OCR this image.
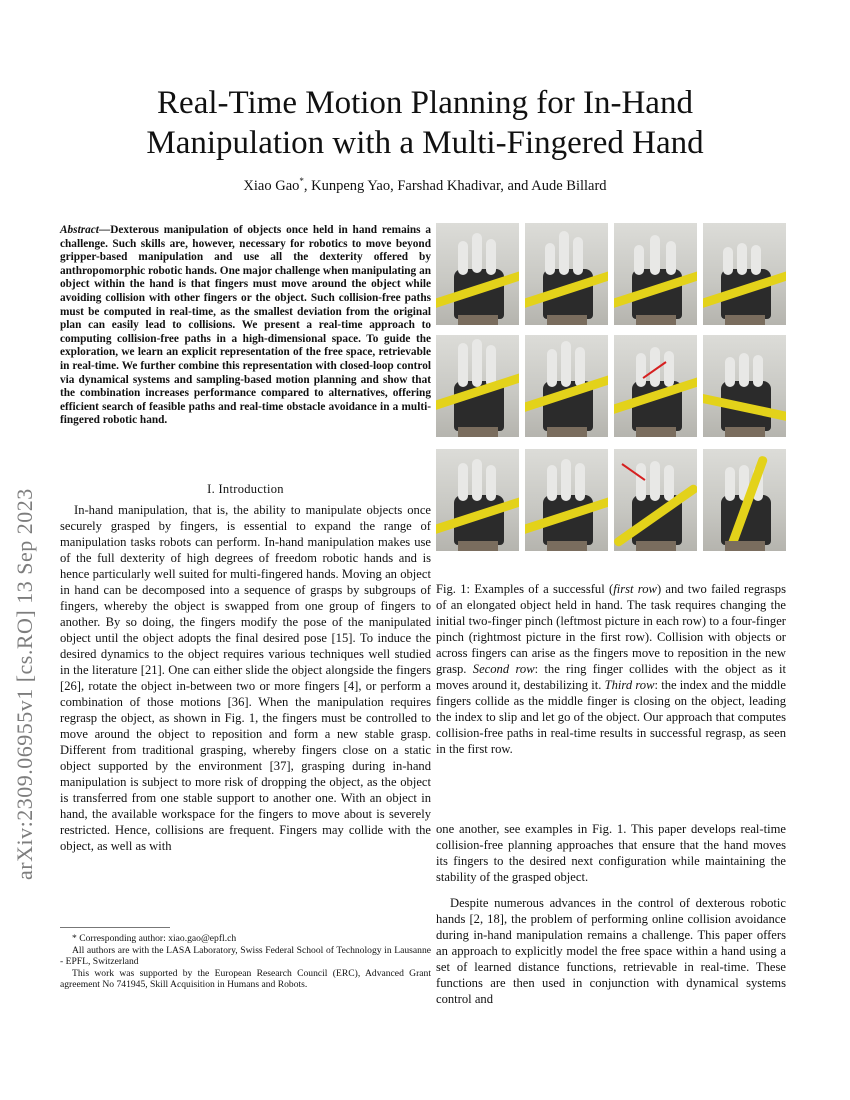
arXiv:2309.06955v1 [cs.RO] 13 Sep 2023
Real-Time Motion Planning for In-Hand Manipulation with a Multi-Fingered Hand
Xiao Gao*, Kunpeng Yao, Farshad Khadivar, and Aude Billard
Abstract—Dexterous manipulation of objects once held in hand remains a challenge. Such skills are, however, necessary for robotics to move beyond gripper-based manipulation and use all the dexterity offered by anthropomorphic robotic hands. One major challenge when manipulating an object within the hand is that fingers must move around the object while avoiding collision with other fingers or the object. Such collision-free paths must be computed in real-time, as the smallest deviation from the original plan can easily lead to collisions. We present a real-time approach to computing collision-free paths in a high-dimensional space. To guide the exploration, we learn an explicit representation of the free space, retrievable in real-time. We further combine this representation with closed-loop control via dynamical systems and sampling-based motion planning and show that the combination increases performance compared to alternatives, offering efficient search of feasible paths and real-time obstacle avoidance in a multi-fingered robotic hand.
I. Introduction

In-hand manipulation, that is, the ability to manipulate objects once securely grasped by fingers, is essential to expand the range of manipulation tasks robots can perform. In-hand manipulation makes use of the full dexterity of high degrees of freedom robotic hands and is hence particularly well suited for multi-fingered hands. Moving an object in hand can be decomposed into a sequence of grasps by subgroups of fingers, whereby the object is swapped from one group of fingers to another. By so doing, the fingers modify the pose of the manipulated object until the object adopts the final desired pose [15]. To induce the desired dynamics to the object requires various techniques well studied in the literature [21]. One can either slide the object alongside the fingers [26], rotate the object in-between two or more fingers [4], or perform a combination of those motions [36]. When the manipulation requires regrasp the object, as shown in Fig. 1, the fingers must be controlled to move around the object to reposition and form a new stable grasp. Different from traditional grasping, whereby fingers close on a static object supported by the environment [37], grasping during in-hand manipulation is subject to more risk of dropping the object, as the object is transferred from one stable support to another one. With an object in hand, the available workspace for the fingers to move about is severely restricted. Hence, collisions are frequent. Fingers may collide with the object, as well as with

* Corresponding author: xiao.gao@epfl.ch
All authors are with the LASA Laboratory, Swiss Federal School of Technology in Lausanne - EPFL, Switzerland
This work was supported by the European Research Council (ERC), Advanced Grant agreement No 741945, Skill Acquisition in Humans and Robots.
Fig. 1: Examples of a successful (first row) and two failed regrasps of an elongated object held in hand. The task requires changing the initial two-finger pinch (leftmost picture in each row) to a four-finger pinch (rightmost picture in the first row). Collision with objects or across fingers can arise as the fingers move to reposition in the new grasp. Second row: the ring finger collides with the object as it moves around it, destabilizing it. Third row: the index and the middle fingers collide as the middle finger is closing on the object, leading the index to slip and let go of the object. Our approach that computes collision-free paths in real-time results in successful regrasp, as seen in the first row.

one another, see examples in Fig. 1. This paper develops real-time collision-free planning approaches that ensure that the hand moves its fingers to the desired next configuration while maintaining the stability of the grasped object.

Despite numerous advances in the control of dexterous robotic hands [2, 18], the problem of performing online collision avoidance during in-hand manipulation remains a challenge. This paper offers an approach to explicitly model the free space within a hand using a set of learned distance functions, retrievable in real-time. These functions are then used in conjunction with dynamical systems control and
